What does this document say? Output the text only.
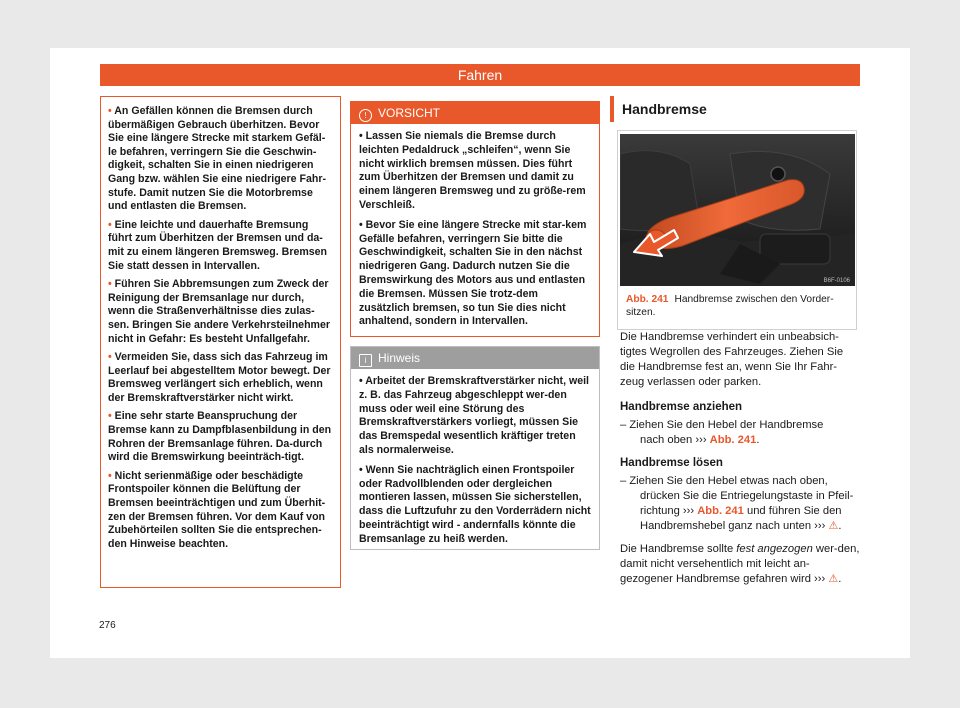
Fahren

• An Gefällen können die Bremsen durch übermäßigen Gebrauch überhitzen. Bevor Sie eine längere Strecke mit starkem Gefäl-le befahren, verringern Sie die Geschwin-digkeit, schalten Sie in einen niedrigeren Gang bzw. wählen Sie eine niedrigere Fahr-stufe. Damit nutzen Sie die Motorbremse und entlasten die Bremsen.

• Eine leichte und dauerhafte Bremsung führt zum Überhitzen der Bremsen und da-mit zu einem längeren Bremsweg. Bremsen Sie statt dessen in Intervallen.

• Führen Sie Abbremsungen zum Zweck der Reinigung der Bremsanlage nur durch, wenn die Straßenverhältnisse dies zulas-sen. Bringen Sie andere Verkehrsteilnehmer nicht in Gefahr: Es besteht Unfallgefahr.

• Vermeiden Sie, dass sich das Fahrzeug im Leerlauf bei abgestelltem Motor bewegt. Der Bremsweg verlängert sich erheblich, wenn der Bremskraftverstärker nicht wirkt.

• Eine sehr starte Beanspruchung der Bremse kann zu Dampfblasenbildung in den Rohren der Bremsanlage führen. Da-durch wird die Bremswirkung beeinträch-tigt.

• Nicht serienmäßige oder beschädigte Frontspoiler können die Belüftung der Bremsen beeinträchtigen und zum Überhit-zen der Bremsen führen. Vor dem Kauf von Zubehörteilen sollten Sie die entsprechen-den Hinweise beachten.

! VORSICHT

• Lassen Sie niemals die Bremse durch leichten Pedaldruck „schleifen“, wenn Sie nicht wirklich bremsen müssen. Dies führt zum Überhitzen der Bremsen und damit zu einem längeren Bremsweg und zu größe-rem Verschleiß.

• Bevor Sie eine längere Strecke mit star-kem Gefälle befahren, verringern Sie bitte die Geschwindigkeit, schalten Sie in den nächst niedrigeren Gang. Dadurch nutzen Sie die Bremswirkung des Motors aus und entlasten die Bremsen. Müssen Sie trotz-dem zusätzlich bremsen, so tun Sie dies nicht anhaltend, sondern in Intervallen.

i Hinweis

• Arbeitet der Bremskraftverstärker nicht, weil z. B. das Fahrzeug abgeschleppt wer-den muss oder weil eine Störung des Bremskraftverstärkers vorliegt, müssen Sie das Bremspedal wesentlich kräftiger treten als normalerweise.

• Wenn Sie nachträglich einen Frontspoiler oder Radvollblenden oder dergleichen montieren lassen, müssen Sie sicherstellen, dass die Luftzufuhr zu den Vorderrädern nicht beeinträchtigt wird - andernfalls könnte die Bremsanlage zu heiß werden.

Handbremse
B6F-0106
Abb. 241 Handbremse zwischen den Vorder-sitzen.

Die Handbremse verhindert ein unbeabsich-tigtes Wegrollen des Fahrzeuges. Ziehen Sie die Handbremse fest an, wenn Sie Ihr Fahr-zeug verlassen oder parken.

Handbremse anziehen
– Ziehen Sie den Hebel der Handbremse
nach oben ››› Abb. 241.
Handbremse lösen
– Ziehen Sie den Hebel etwas nach oben,
drücken Sie die Entriegelungstaste in Pfeil-
richtung ››› Abb. 241 und führen Sie den
Handbremshebel ganz nach unten ››› ⚠.

Die Handbremse sollte fest angezogen wer-den, damit nicht versehentlich mit leicht an-gezogener Handbremse gefahren wird ››› ⚠.

276
